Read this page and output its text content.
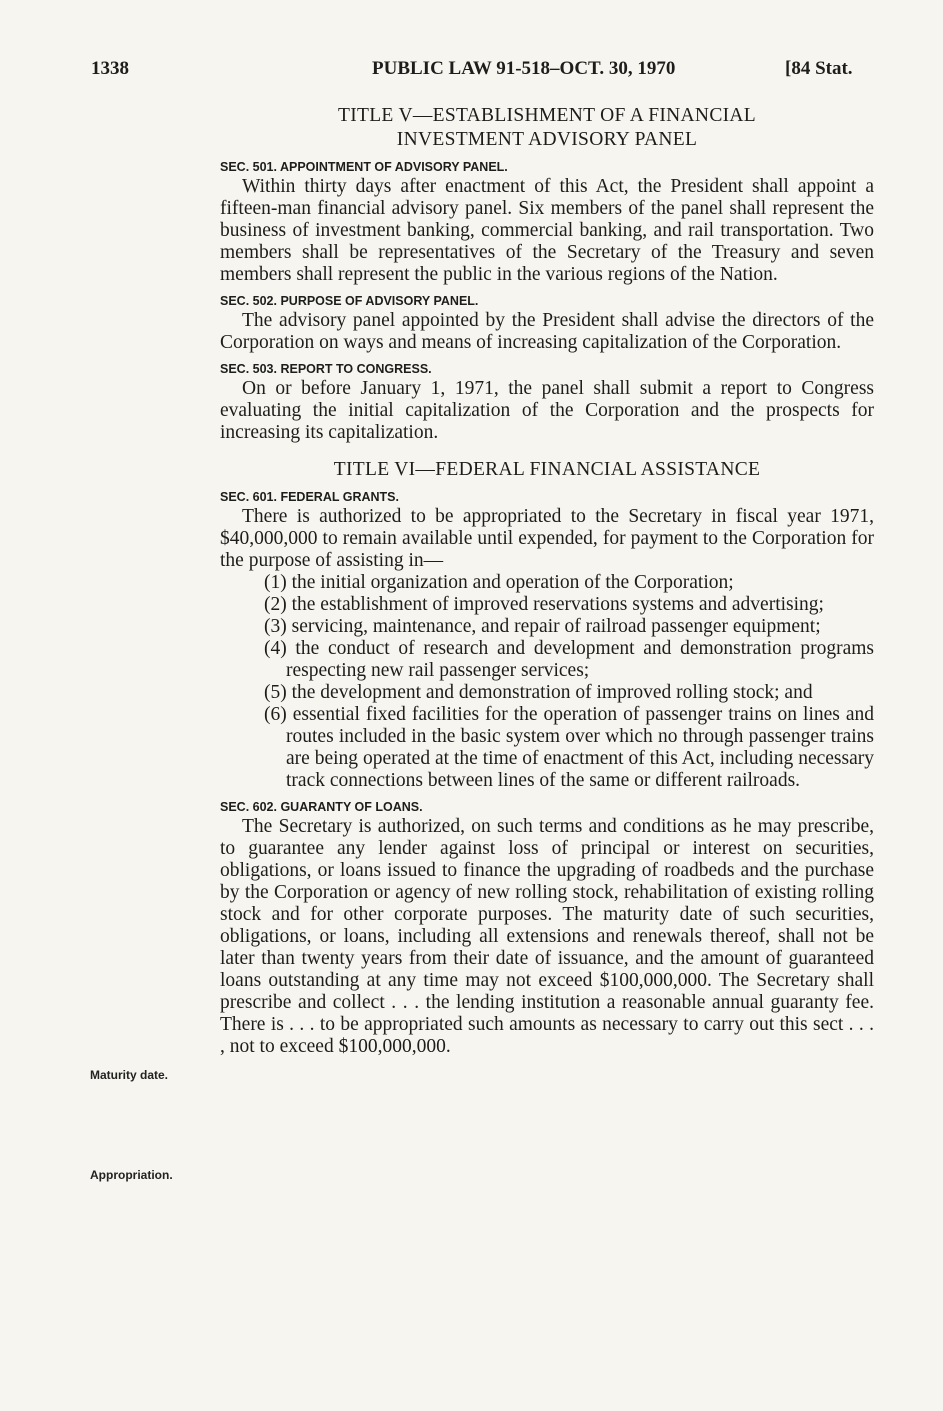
1338	PUBLIC LAW 91-518–OCT. 30, 1970	[84 Stat.
TITLE V—ESTABLISHMENT OF A FINANCIAL
INVESTMENT ADVISORY PANEL
SEC. 501. APPOINTMENT OF ADVISORY PANEL.

Within thirty days after enactment of this Act, the President shall appoint a fifteen-man financial advisory panel. Six members of the panel shall represent the business of investment banking, commercial banking, and rail transportation. Two members shall be representatives of the Secretary of the Treasury and seven members shall represent the public in the various regions of the Nation.

SEC. 502. PURPOSE OF ADVISORY PANEL.

The advisory panel appointed by the President shall advise the directors of the Corporation on ways and means of increasing capitalization of the Corporation.

SEC. 503. REPORT TO CONGRESS.

On or before January 1, 1971, the panel shall submit a report to Congress evaluating the initial capitalization of the Corporation and the prospects for increasing its capitalization.

TITLE VI—FEDERAL FINANCIAL ASSISTANCE
SEC. 601. FEDERAL GRANTS.

There is authorized to be appropriated to the Secretary in fiscal year 1971, $40,000,000 to remain available until expended, for payment to the Corporation for the purpose of assisting in—

(1) the initial organization and operation of the Corporation;

(2) the establishment of improved reservations systems and advertising;

(3) servicing, maintenance, and repair of railroad passenger equipment;

(4) the conduct of research and development and demonstration programs respecting new rail passenger services;

(5) the development and demonstration of improved rolling stock; and

(6) essential fixed facilities for the operation of passenger trains on lines and routes included in the basic system over which no through passenger trains are being operated at the time of enactment of this Act, including necessary track connections between lines of the same or different railroads.

SEC. 602. GUARANTY OF LOANS.

The Secretary is authorized, on such terms and conditions as he may prescribe, to guarantee any lender against loss of principal or interest on securities, obligations, or loans issued to finance the upgrading of roadbeds and the purchase by the Corporation or agency of new rolling stock, rehabilitation of existing rolling stock and for other corporate purposes. The maturity date of such securities, obligations, or loans, including all extensions and renewals thereof, shall not be later than twenty years from their date of issuance, and the amount of guaranteed loans outstanding at any time may not exceed $100,000,000. The Secretary shall prescribe and collect . . . the lending institution a reasonable annual guaranty fee. There is . . . to be appropriated such amounts as necessary to carry out this sect . . . , not to exceed $100,000,000.

Maturity date.
Appropriation.
